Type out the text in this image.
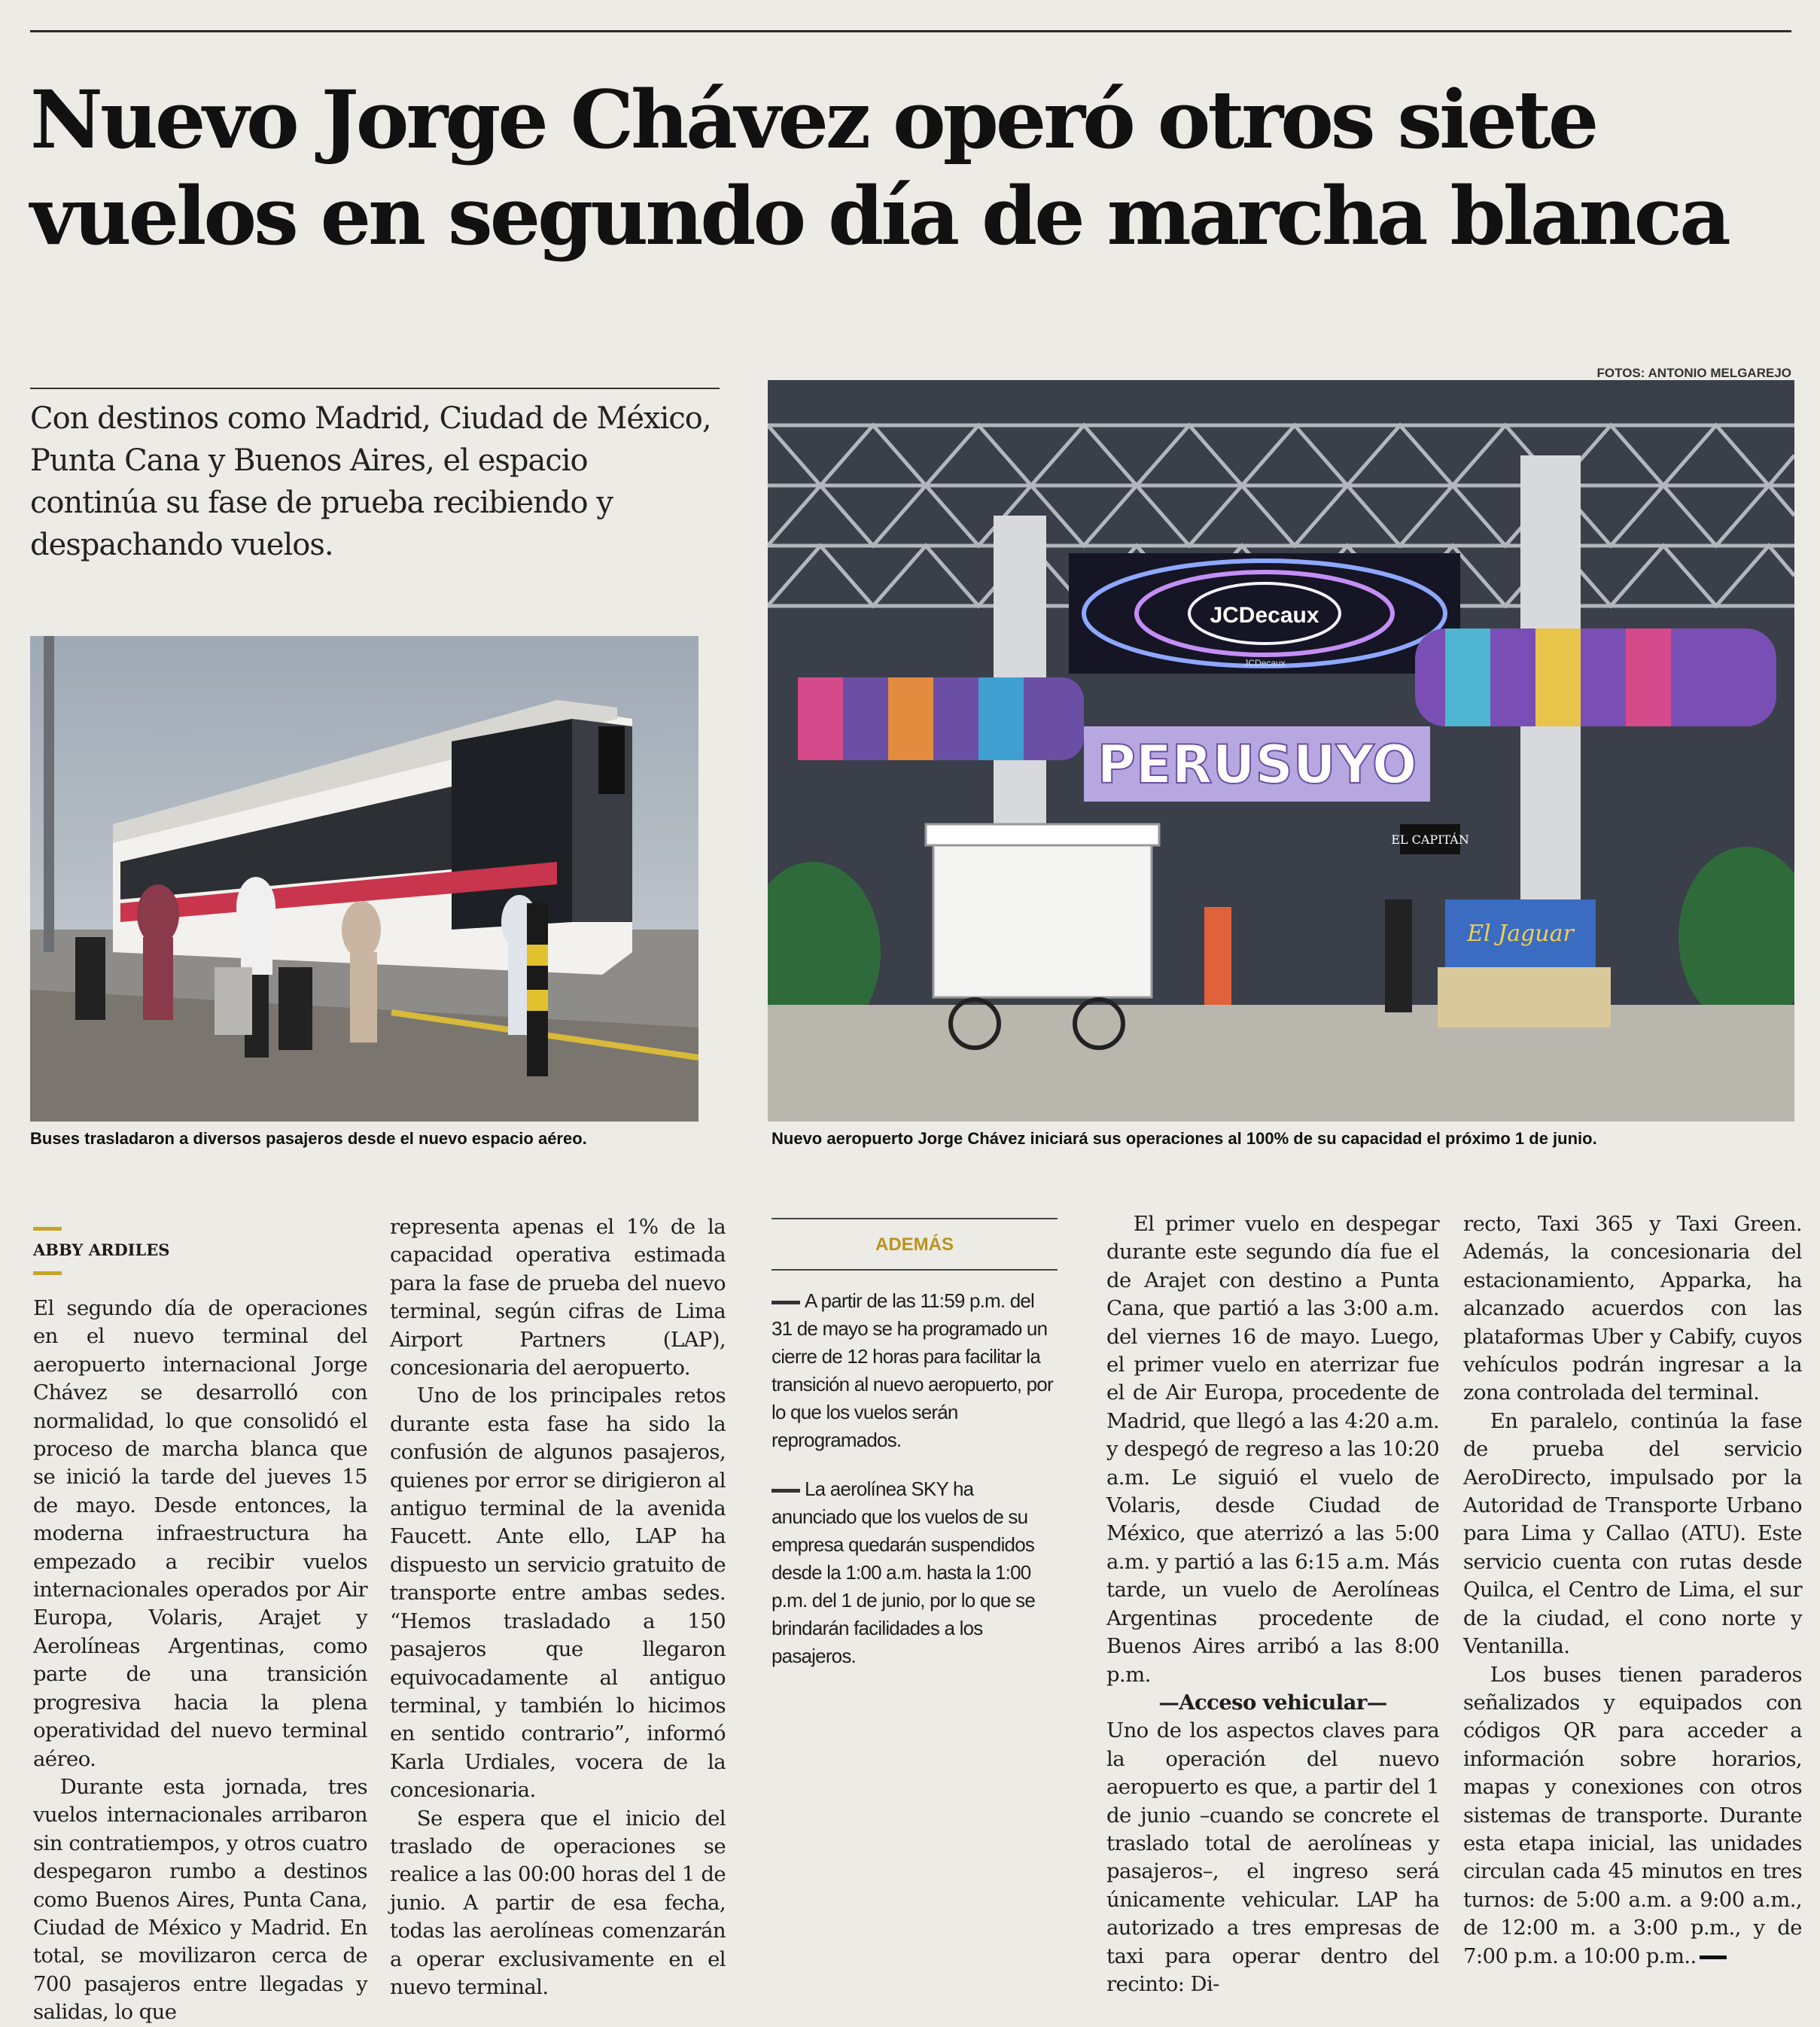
Nuevo Jorge Chávez operó otros siete vuelos en segundo día de marcha blanca

Con destinos como Madrid, Ciudad de México, Punta Cana y Buenos Aires, el espacio continúa su fase de prueba recibiendo y despachando vuelos.

FOTOS: ANTONIO MELGAREJO

Buses trasladaron a diversos pasajeros desde el nuevo espacio aéreo.

JCDecaux
JCDecaux
PERUSUYO
EL CAPITÁN
El Jaguar

Nuevo aeropuerto Jorge Chávez iniciará sus operaciones al 100% de su capacidad el próximo 1 de junio.

ABBY ARDILES

El segundo día de operaciones en el nuevo terminal del aeropuerto internacional Jorge Chávez se desarrolló con normalidad, lo que consolidó el proceso de marcha blanca que se inició la tarde del jueves 15 de mayo. Desde entonces, la moderna infraestructura ha empezado a recibir vuelos internacionales operados por Air Europa, Volaris, Arajet y Aerolíneas Argentinas, como parte de una transición progresiva hacia la plena operatividad del nuevo terminal aéreo.

Durante esta jornada, tres vuelos internacionales arribaron sin contratiempos, y otros cuatro despegaron rumbo a destinos como Buenos Aires, Punta Cana, Ciudad de México y Madrid. En total, se movilizaron cerca de 700 pasajeros entre llegadas y salidas, lo que

representa apenas el 1% de la capacidad operativa estimada para la fase de prueba del nuevo terminal, según cifras de Lima Airport Partners (LAP), concesionaria del aeropuerto.

Uno de los principales retos durante esta fase ha sido la confusión de algunos pasajeros, quienes por error se dirigieron al antiguo terminal de la avenida Faucett. Ante ello, LAP ha dispuesto un servicio gratuito de transporte entre ambas sedes. “Hemos trasladado a 150 pasajeros que llegaron equivocadamente al antiguo terminal, y también lo hicimos en sentido contrario”, informó Karla Urdiales, vocera de la concesionaria.

Se espera que el inicio del traslado de operaciones se realice a las 00:00 horas del 1 de junio. A partir de esa fecha, todas las aerolíneas comenzarán a operar exclusivamente en el nuevo terminal.

ADEMÁS

A partir de las 11:59 p.m. del 31 de mayo se ha programado un cierre de 12 horas para facilitar la transición al nuevo aeropuerto, por lo que los vuelos serán reprogramados.

La aerolínea SKY ha anunciado que los vuelos de su empresa quedarán suspendidos desde la 1:00 a.m. hasta la 1:00 p.m. del 1 de junio, por lo que se brindarán facilidades a los pasajeros.

El primer vuelo en despegar durante este segundo día fue el de Arajet con destino a Punta Cana, que partió a las 3:00 a.m. del viernes 16 de mayo. Luego, el primer vuelo en aterrizar fue el de Air Europa, procedente de Madrid, que llegó a las 4:20 a.m. y despegó de regreso a las 10:20 a.m. Le siguió el vuelo de Volaris, desde Ciudad de México, que aterrizó a las 5:00 a.m. y partió a las 6:15 a.m. Más tarde, un vuelo de Aerolíneas Argentinas procedente de Buenos Aires arribó a las 8:00 p.m.

—Acceso vehicular—

Uno de los aspectos claves para la operación del nuevo aeropuerto es que, a partir del 1 de junio –cuando se concrete el traslado total de aerolíneas y pasajeros–, el ingreso será únicamente vehicular. LAP ha autorizado a tres empresas de taxi para operar dentro del recinto: Di-

recto, Taxi 365 y Taxi Green. Además, la concesionaria del estacionamiento, Apparka, ha alcanzado acuerdos con las plataformas Uber y Cabify, cuyos vehículos podrán ingresar a la zona controlada del terminal.

En paralelo, continúa la fase de prueba del servicio AeroDirecto, impulsado por la Autoridad de Transporte Urbano para Lima y Callao (ATU). Este servicio cuenta con rutas desde Quilca, el Centro de Lima, el sur de la ciudad, el cono norte y Ventanilla.

Los buses tienen paraderos señalizados y equipados con códigos QR para acceder a información sobre horarios, mapas y conexiones con otros sistemas de transporte. Durante esta etapa inicial, las unidades circulan cada 45 minutos en tres turnos: de 5:00 a.m. a 9:00 a.m., de 12:00 m. a 3:00 p.m., y de 7:00 p.m. a 10:00 p.m..
